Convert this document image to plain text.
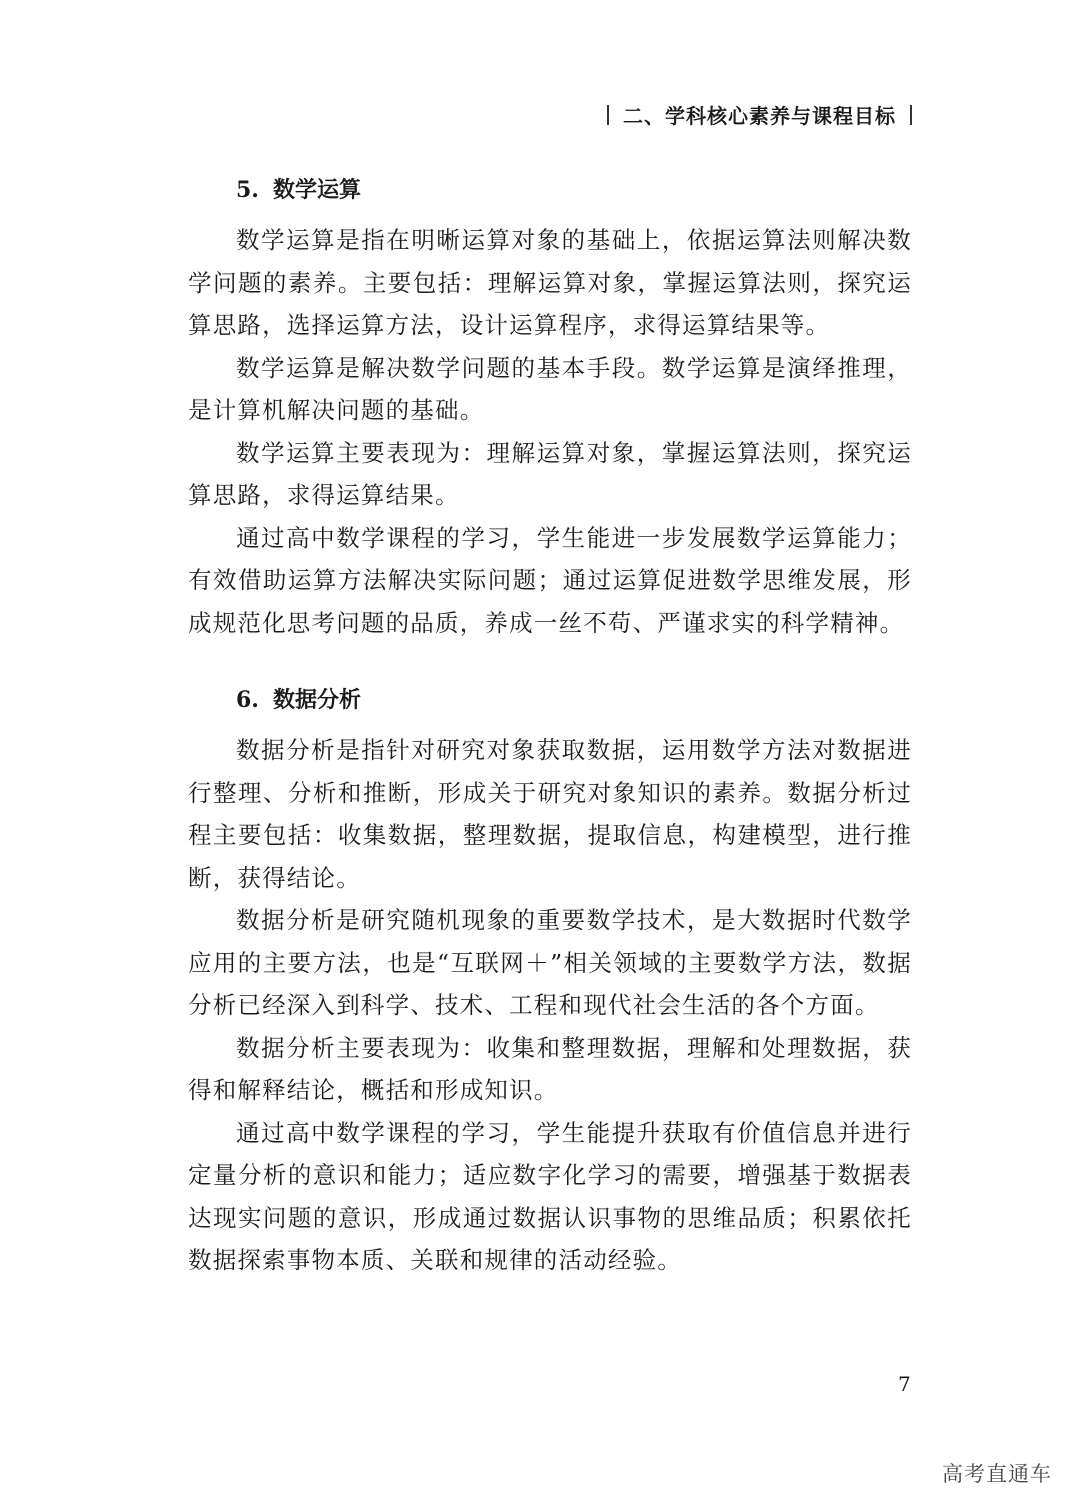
二、学科核心素养与课程目标
5. 数学运算

数学运算是指在明晰运算对象的基础上，依据运算法则解决数学问题的素养。主要包括：理解运算对象，掌握运算法则，探究运算思路，选择运算方法，设计运算程序，求得运算结果等。

数学运算是解决数学问题的基本手段。数学运算是演绎推理，是计算机解决问题的基础。

数学运算主要表现为：理解运算对象，掌握运算法则，探究运算思路，求得运算结果。

通过高中数学课程的学习，学生能进一步发展数学运算能力；有效借助运算方法解决实际问题；通过运算促进数学思维发展，形成规范化思考问题的品质，养成一丝不苟、严谨求实的科学精神。

6. 数据分析

数据分析是指针对研究对象获取数据，运用数学方法对数据进行整理、分析和推断，形成关于研究对象知识的素养。数据分析过程主要包括：收集数据，整理数据，提取信息，构建模型，进行推断，获得结论。

数据分析是研究随机现象的重要数学技术，是大数据时代数学应用的主要方法，也是“互联网＋”相关领域的主要数学方法，数据分析已经深入到科学、技术、工程和现代社会生活的各个方面。

数据分析主要表现为：收集和整理数据，理解和处理数据，获得和解释结论，概括和形成知识。

通过高中数学课程的学习，学生能提升获取有价值信息并进行定量分析的意识和能力；适应数字化学习的需要，增强基于数据表达现实问题的意识，形成通过数据认识事物的思维品质；积累依托数据探索事物本质、关联和规律的活动经验。

7
高考直通车
